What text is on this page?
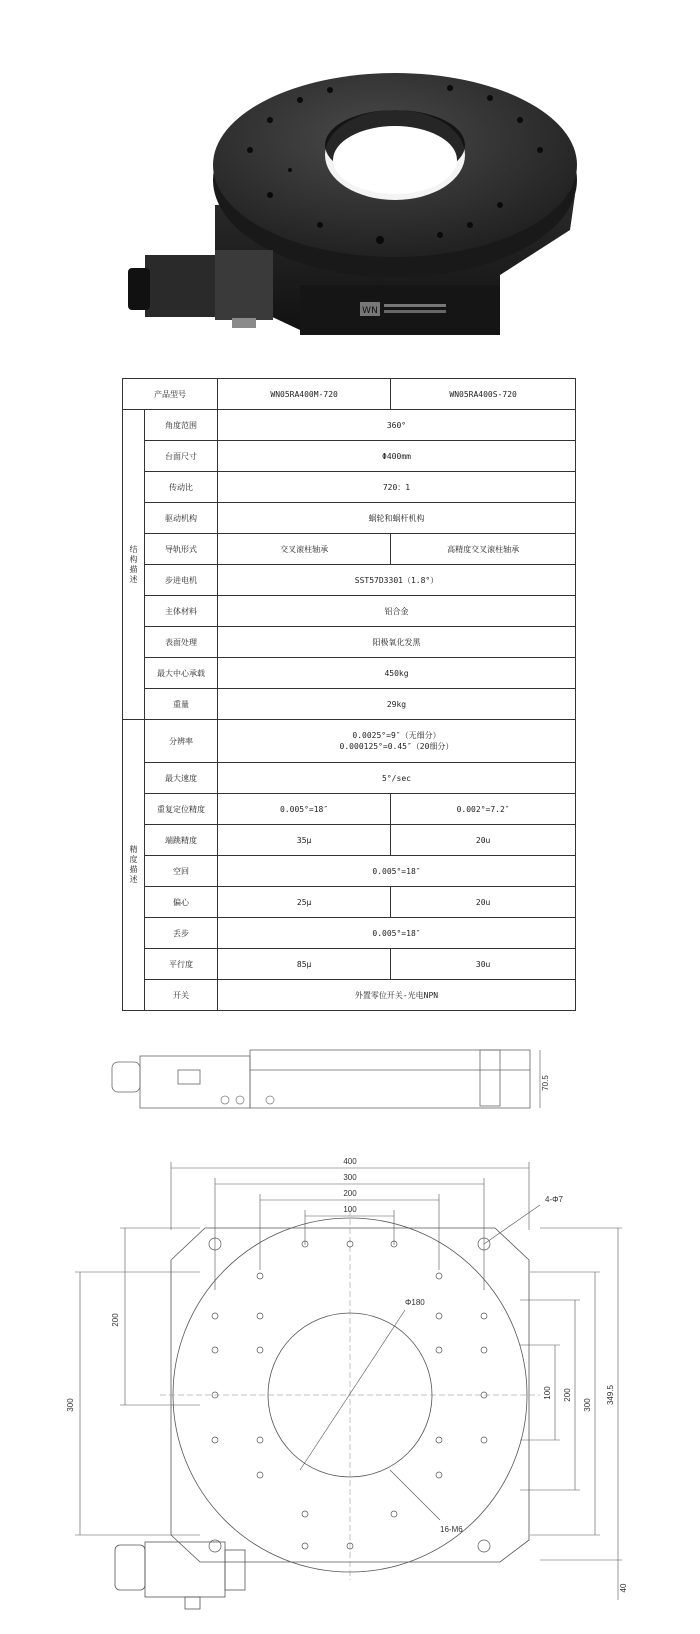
WN
产品型号		WN05RA400M-720	WN05RA400S-720
结构描述	角度范围	360°	
	台面尺寸	Φ400mm	
	传动比	720：1	
	驱动机构	蜗轮和蜗杆机构	
	导轨形式	交叉滚柱轴承	高精度交叉滚柱轴承
	步进电机	SST57D3301（1.8°）	
	主体材料	铝合金	
	表面处理	阳极氧化发黑	
	最大中心承载	450kg	
	重量	29kg	
精度描述	分辨率	0.0025°=9″（无细分）
0.000125°=0.45″（20细分）	

	最大速度	5°/sec	
	重复定位精度	0.005°=18″	0.002°=7.2″
	端跳精度	35μ	20u
	空回	0.005°=18″	
	偏心	25μ	20u
	丢步	0.005°=18″	
	平行度	85μ	30u
	开关	外置零位开关-光电NPN	
70.5
400
300
200
100
4-Φ7
Φ180
200
300
100 200
300 349.5
16-M6
40
